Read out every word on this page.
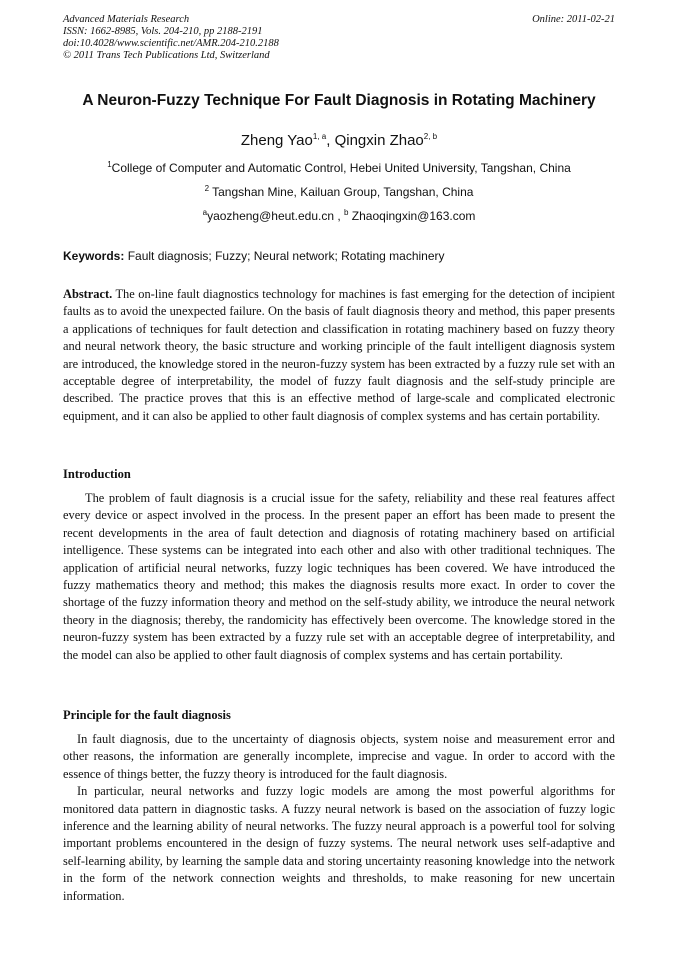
Advanced Materials Research
ISSN: 1662-8985, Vols. 204-210, pp 2188-2191
doi:10.4028/www.scientific.net/AMR.204-210.2188
© 2011 Trans Tech Publications Ltd, Switzerland
Online: 2011-02-21
A Neuron-Fuzzy Technique For Fault Diagnosis in Rotating Machinery
Zheng Yao$^{1, a}$, Qingxin Zhao$^{2, b}$
$^1$College of Computer and Automatic Control, Hebei United University, Tangshan, China
$^2$ Tangshan Mine, Kailuan Group, Tangshan, China
$^a$yaozheng@heut.edu.cn , $^b$ Zhaoqingxin@163.com
Keywords: Fault diagnosis; Fuzzy; Neural network; Rotating machinery

Abstract. The on-line fault diagnostics technology for machines is fast emerging for the detection of incipient faults as to avoid the unexpected failure. On the basis of fault diagnosis theory and method, this paper presents a applications of techniques for fault detection and classification in rotating machinery based on fuzzy theory and neural network theory, the basic structure and working principle of the fault intelligent diagnosis system are introduced, the knowledge stored in the neuron-fuzzy system has been extracted by a fuzzy rule set with an acceptable degree of interpretability, the model of fuzzy fault diagnosis and the self-study principle are described. The practice proves that this is an effective method of large-scale and complicated electronic equipment, and it can also be applied to other fault diagnosis of complex systems and has certain portability.

Introduction

The problem of fault diagnosis is a crucial issue for the safety, reliability and these real features affect every device or aspect involved in the process. In the present paper an effort has been made to present the recent developments in the area of fault detection and diagnosis of rotating machinery based on artificial intelligence. These systems can be integrated into each other and also with other traditional techniques. The application of artificial neural networks, fuzzy logic techniques has been covered. We have introduced the fuzzy mathematics theory and method; this makes the diagnosis results more exact. In order to cover the shortage of the fuzzy information theory and method on the self-study ability, we introduce the neural network theory in the diagnosis; thereby, the randomicity has effectively been overcome. The knowledge stored in the neuron-fuzzy system has been extracted by a fuzzy rule set with an acceptable degree of interpretability, and the model can also be applied to other fault diagnosis of complex systems and has certain portability.

Principle for the fault diagnosis

In fault diagnosis, due to the uncertainty of diagnosis objects, system noise and measurement error and other reasons, the information are generally incomplete, imprecise and vague. In order to accord with the essence of things better, the fuzzy theory is introduced for the fault diagnosis.

In particular, neural networks and fuzzy logic models are among the most powerful algorithms for monitored data pattern in diagnostic tasks. A fuzzy neural network is based on the association of fuzzy logic inference and the learning ability of neural networks. The fuzzy neural approach is a powerful tool for solving important problems encountered in the design of fuzzy systems. The neural network uses self-adaptive and self-learning ability, by learning the sample data and storing uncertainty reasoning knowledge into the network in the form of the network connection weights and thresholds, to make reasoning for new uncertain information.
